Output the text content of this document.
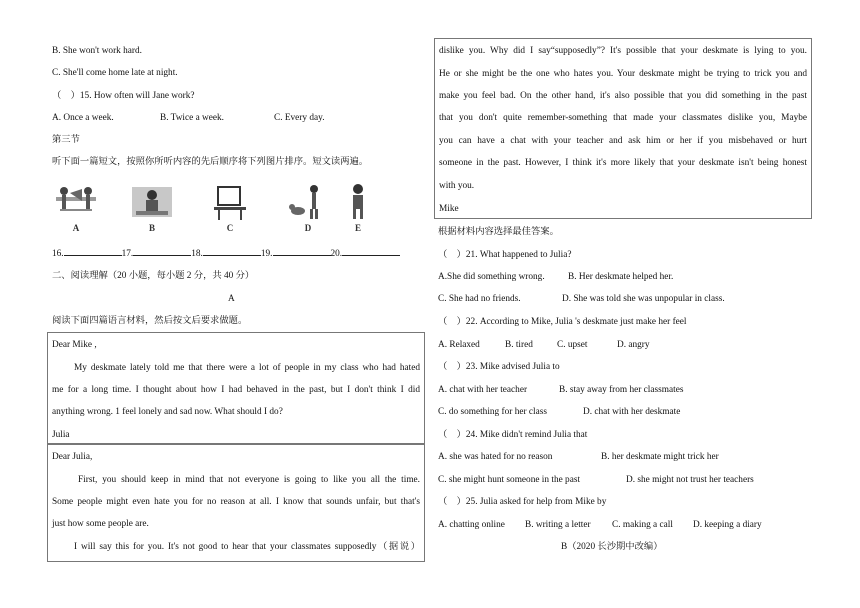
B. She won't work hard.
C. She'll come home late at night.
（　）15. How often will Jane work?
A. Once a week.	B. Twice a week.	C. Every day.
第三节
听下面一篇短文，按照你所听内容的先后顺序将下列图片排序。短文读两遍。
A	B	C	D	E
16.	17.	18.	19.	20.
二、阅读理解（20 小题，每小题 2 分，共 40 分）
A
阅读下面四篇语言材料，然后按文后要求做题。
Dear Mike ,
My deskmate lately told me that there were a lot of people in my class who had hated
me for a long time. I thought about how I had behaved in the past, but I don't think I did
anything wrong. 1 feel lonely and sad now. What should I do?
Julia
Dear Julia,
First, you should keep in mind that not everyone is going to like you all the time.
Some people might even hate you for no reason at all. I know that sounds unfair, but that's
just how some people are.
I will say this for you. It's not good to hear that your classmates supposedly（据说）
dislike you. Why did I say“supposedly”? It's possible that your deskmate is lying to you.
He or she might be the one who hates you. Your deskmate might be trying to trick you and
make you feel bad. On the other hand, it's also possible that you did something in the past
that you don't quite remember-something that made your classmates dislike you, Maybe
you can have a chat with your teacher and ask him or her if you misbehaved or hurt
someone in the past. However, I think it's more likely that your deskmate isn't being honest
with you.
Mike
根据材料内容选择最佳答案。
（　）21. What happened to Julia?
A.She did something wrong.	B. Her deskmate helped her.
C. She had no friends.	D. She was told she was unpopular in class.
（　）22. According to Mike, Julia 's deskmate just make her feel
A. Relaxed	B. tired	C. upset	D. angry
（　）23. Mike advised Julia to
A. chat with her teacher	B. stay away from her classmates
C. do something for her class	D. chat with her deskmate
（　）24. Mike didn't remind Julia that
A. she was hated for no reason	B. her deskmate might trick her
C. she might hunt someone in the past	D. she might not trust her teachers
（　）25. Julia asked for help from Mike by
A. chatting online B. writing a letter C. making a call D. keeping a diary
B（2020 长沙期中改编）
